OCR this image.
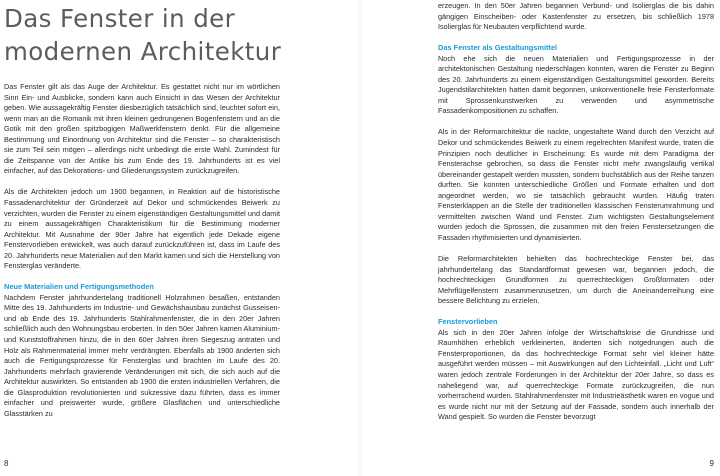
Das Fenster in der
modernen Architektur

Das Fenster gilt als das Auge der Architektur. Es gestattet nicht nur im wörtlichen Sinn Ein- und Ausblicke, sondern kann auch Einsicht in das Wesen der Architektur geben. Wie aussagekräftig Fenster diesbezüglich tatsächlich sind, leuchtet sofort ein, wenn man an die Romanik mit ihren kleinen gedrungenen Bogenfenstern und an die Gotik mit den großen spitzbogigen Maßwerkfenstern denkt. Für die allgemeine Bestimmung und Einordnung von Architektur sind die Fenster – so charakteristisch sie zum Teil sein mögen – allerdings nicht unbedingt die erste Wahl. Zumindest für die Zeitspanne von der Antike bis zum Ende des 19. Jahrhunderts ist es viel einfacher, auf das Dekorations- und Gliederungssystem zurückzugreifen.

Als die Architekten jedoch um 1900 begannen, in Reaktion auf die historistische Fassadenarchitektur der Gründerzeit auf Dekor und schmückendes Beiwerk zu verzichten, wurden die Fenster zu einem eigenständigen Gestaltungsmittel und damit zu einem aussagekräftigen Charakteristikum für die Bestimmung moderner Architektur. Mit Ausnahme der 90er Jahre hat eigentlich jede Dekade eigene Fenstervorlieben entwickelt, was auch darauf zurückzuführen ist, dass im Laufe des 20. Jahrhunderts neue Materialien auf den Markt kamen und sich die Herstellung von Fensterglas veränderte.

Neue Materialien und Fertigungsmethoden

Nachdem Fenster jahrhundertelang traditionell Holzrahmen besaßen, entstanden Mitte des 19. Jahrhunderts im Industrie- und Gewächshausbau zunächst Gusseisen- und ab Ende des 19. Jahrhunderts Stahlrahmenfenster, die in den 20er Jahren schließlich auch den Wohnungsbau eroberten. In den 50er Jahren kamen Aluminium- und Kunststoffrahmen hinzu, die in den 60er Jahren ihren Siegeszug antraten und Holz als Rahmenmaterial immer mehr verdrängten. Ebenfalls ab 1900 änderten sich auch die Fertigungsprozesse für Fensterglas und brachten im Laufe des 20. Jahrhunderts mehrfach gravierende Veränderungen mit sich, die sich auch auf die Architektur auswirkten. So entstanden ab 1900 die ersten industriellen Verfahren, die die Glasproduktion revolutionierten und sukzessive dazu führten, dass es immer einfacher und preiswerter wurde, größere Glasflächen und unterschiedliche Glasstärken zu

8

erzeugen. In den 50er Jahren begannen Verbund- und Isolierglas die bis dahin gängigen Einscheiben- oder Kastenfenster zu ersetzen, bis schließlich 1978 Isolierglas für Neubauten verpflichtend wurde.

Das Fenster als Gestaltungsmittel

Noch ehe sich die neuen Materialien und Fertigungsprozesse in der architektonischen Gestaltung niederschlagen konnten, waren die Fenster zu Beginn des 20. Jahrhunderts zu einem eigenständigen Gestaltungsmittel geworden. Bereits Jugendstilarchitekten hatten damit begonnen, unkonventionelle freie Fensterformate mit Sprossenkunstwerken zu verwenden und asymmetrische Fassadenkompositionen zu schaffen.

Als in der Reformarchitektur die nackte, ungestaltete Wand durch den Verzicht auf Dekor und schmückendes Beiwerk zu einem regelrechten Manifest wurde, traten die Prinzipien noch deutlicher in Erscheinung: Es wurde mit dem Paradigma der Fensterachse gebrochen, so dass die Fenster nicht mehr zwangsläufig vertikal übereinander gestapelt werden mussten, sondern buchstäblich aus der Reihe tanzen durften. Sie konnten unterschiedliche Größen und Formate erhalten und dort angeordnet werden, wo sie tatsächlich gebraucht wurden. Häufig traten Fensterklappen an die Stelle der traditionellen klassischen Fensterumrahmung und vermittelten zwischen Wand und Fenster. Zum wichtigsten Gestaltungselement wurden jedoch die Sprossen, die zusammen mit den freien Fenstersetzungen die Fassaden rhythmisierten und dynamisierten.

Die Reformarchitekten behielten das hochrechteckige Fenster bei, das jahrhundertelang das Standardformat gewesen war, begannen jedoch, die hochrechteckigen Grundformen zu querrechteckigen Großformaten oder Mehrflügelfenstern zusammenzusetzen, um durch die Aneinanderreihung eine bessere Belichtung zu erzielen.

Fenstervorlieben

Als sich in den 20er Jahren infolge der Wirtschaftskrise die Grundrisse und Raumhöhen erheblich verkleinerten, änderten sich notgedrungen auch die Fensterproportionen, da das hochrechteckige Format sehr viel kleiner hätte ausgeführt werden müssen – mit Auswirkungen auf den Lichteinfall. „Licht und Luft“ waren jedoch zentrale Forderungen in der Architektur der 20er Jahre, so dass es naheliegend war, auf querrechteckige Formate zurückzugreifen, die nun vorherrschend wurden. Stahlrahmenfenster mit Industrieästhetik waren en vogue und es wurde nicht nur mit der Setzung auf der Fassade, sondern auch innerhalb der Wand gespielt. So wurden die Fenster bevorzugt

9
